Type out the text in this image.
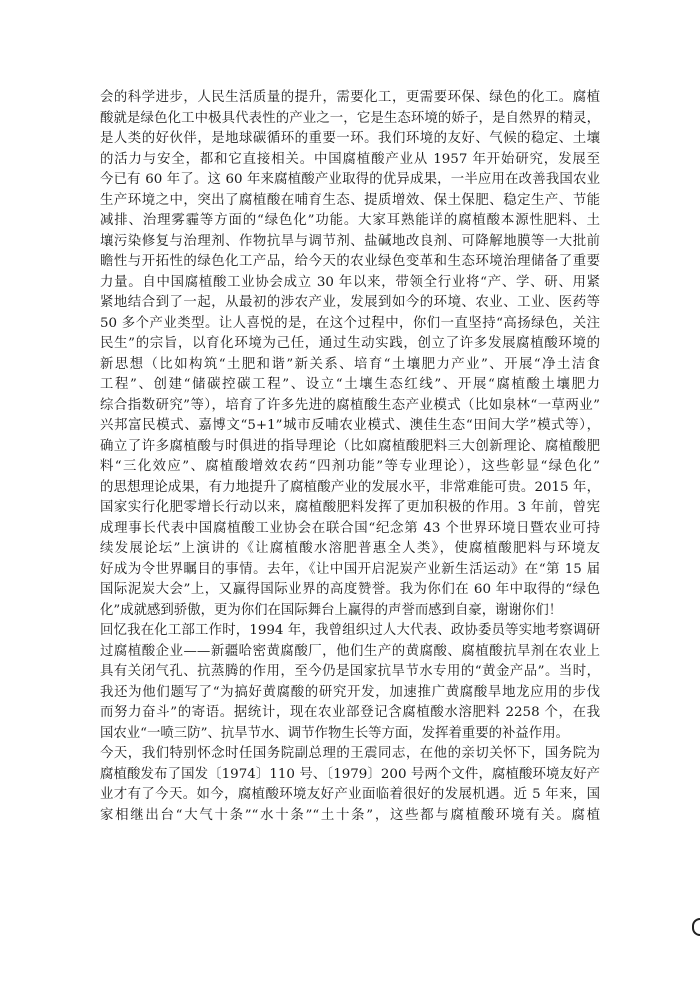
会的科学进步，人民生活质量的提升，需要化工，更需要环保、绿色的化工。腐植
酸就是绿色化工中极具代表性的产业之一，它是生态环境的娇子，是自然界的精灵，
是人类的好伙伴，是地球碳循环的重要一环。我们环境的友好、气候的稳定、土壤
的活力与安全，都和它直接相关。中国腐植酸产业从 1957 年开始研究，发展至
今已有 60 年了。这 60 年来腐植酸产业取得的优异成果，一半应用在改善我国农业
生产环境之中，突出了腐植酸在哺育生态、提质增效、保土保肥、稳定生产、节能
减排、治理雾霾等方面的“绿色化”功能。大家耳熟能详的腐植酸本源性肥料、土
壤污染修复与治理剂、作物抗旱与调节剂、盐碱地改良剂、可降解地膜等一大批前
瞻性与开拓性的绿色化工产品，给今天的农业绿色变革和生态环境治理储备了重要
力量。自中国腐植酸工业协会成立 30 年以来，带领全行业将“产、学、研、用紧
紧地结合到了一起，从最初的涉农产业，发展到如今的环境、农业、工业、医药等
50 多个产业类型。让人喜悦的是，在这个过程中，你们一直坚持“高扬绿色，关注
民生”的宗旨，以育化环境为己任，通过生动实践，创立了许多发展腐植酸环境的
新思想（比如构筑“土肥和谐”新关系、培育“土壤肥力产业”、开展“净土洁食
工程”、创建“储碳控碳工程”、设立“土壤生态红线”、开展“腐植酸土壤肥力
综合指数研究”等），培育了许多先进的腐植酸生态产业模式（比如泉林“一草两业”
兴邦富民模式、嘉博文“5+1”城市反哺农业模式、澳佳生态“田间大学”模式等），
确立了许多腐植酸与时俱进的指导理论（比如腐植酸肥料三大创新理论、腐植酸肥
料“三化效应”、腐植酸增效农药“四剂功能”等专业理论），这些彰显“绿色化”
的思想理论成果，有力地提升了腐植酸产业的发展水平，非常难能可贵。2015 年，
国家实行化肥零增长行动以来，腐植酸肥料发挥了更加积极的作用。3 年前，曾宪
成理事长代表中国腐植酸工业协会在联合国“纪念第 43 个世界环境日暨农业可持
续发展论坛”上演讲的《让腐植酸水溶肥普惠全人类》，使腐植酸肥料与环境友
好成为令世界瞩目的事情。去年，《让中国开启泥炭产业新生活运动》在“第 15 届
国际泥炭大会”上，又赢得国际业界的高度赞誉。我为你们在 60 年中取得的“绿色
化”成就感到骄傲，更为你们在国际舞台上赢得的声誉而感到自豪，谢谢你们！
回忆我在化工部工作时，1994 年，我曾组织过人大代表、政协委员等实地考察调研
过腐植酸企业——新疆哈密黄腐酸厂，他们生产的黄腐酸、腐植酸抗旱剂在农业上
具有关闭气孔、抗蒸腾的作用，至今仍是国家抗旱节水专用的“黄金产品”。当时，
我还为他们题写了“为搞好黄腐酸的研究开发，加速推广黄腐酸旱地龙应用的步伐
而努力奋斗”的寄语。据统计，现在农业部登记含腐植酸水溶肥料 2258 个，在我
国农业“一喷三防”、抗旱节水、调节作物生长等方面，发挥着重要的补益作用。
今天，我们特别怀念时任国务院副总理的王震同志，在他的亲切关怀下，国务院为
腐植酸发布了国发〔1974〕110 号、〔1979〕200 号两个文件，腐植酸环境友好产
业才有了今天。如今，腐植酸环境友好产业面临着很好的发展机遇。近 5 年来，国
家相继出台“大气十条”“水十条”“土十条”，这些都与腐植酸环境有关。腐植
